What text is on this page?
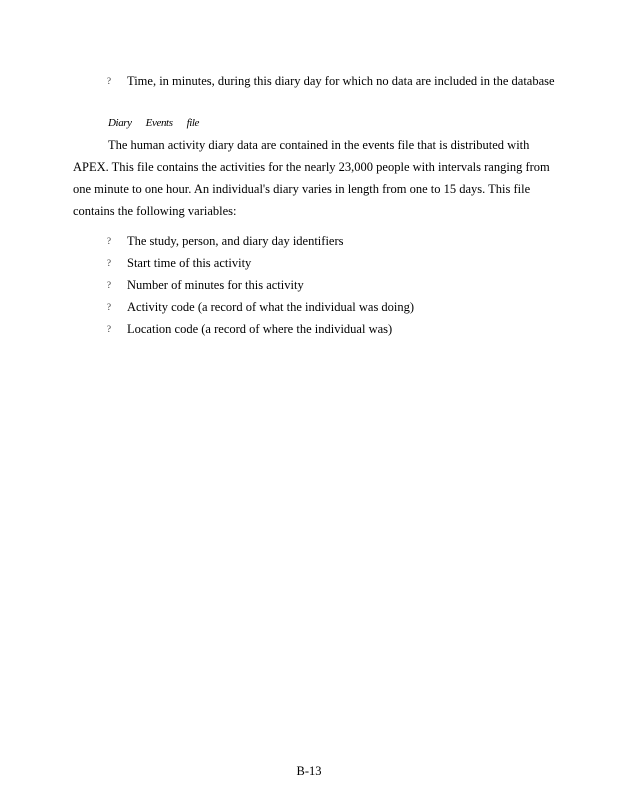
? Time, in minutes, during this diary day for which no data are included in the database
Diary Events file
The human activity diary data are contained in the events file that is distributed with
APEX. This file contains the activities for the nearly 23,000 people with intervals ranging from
one minute to one hour. An individual's diary varies in length from one to 15 days. This file
contains the following variables:
? The study, person, and diary day identifiers
? Start time of this activity
? Number of minutes for this activity
? Activity code (a record of what the individual was doing)
? Location code (a record of where the individual was)
B-13
